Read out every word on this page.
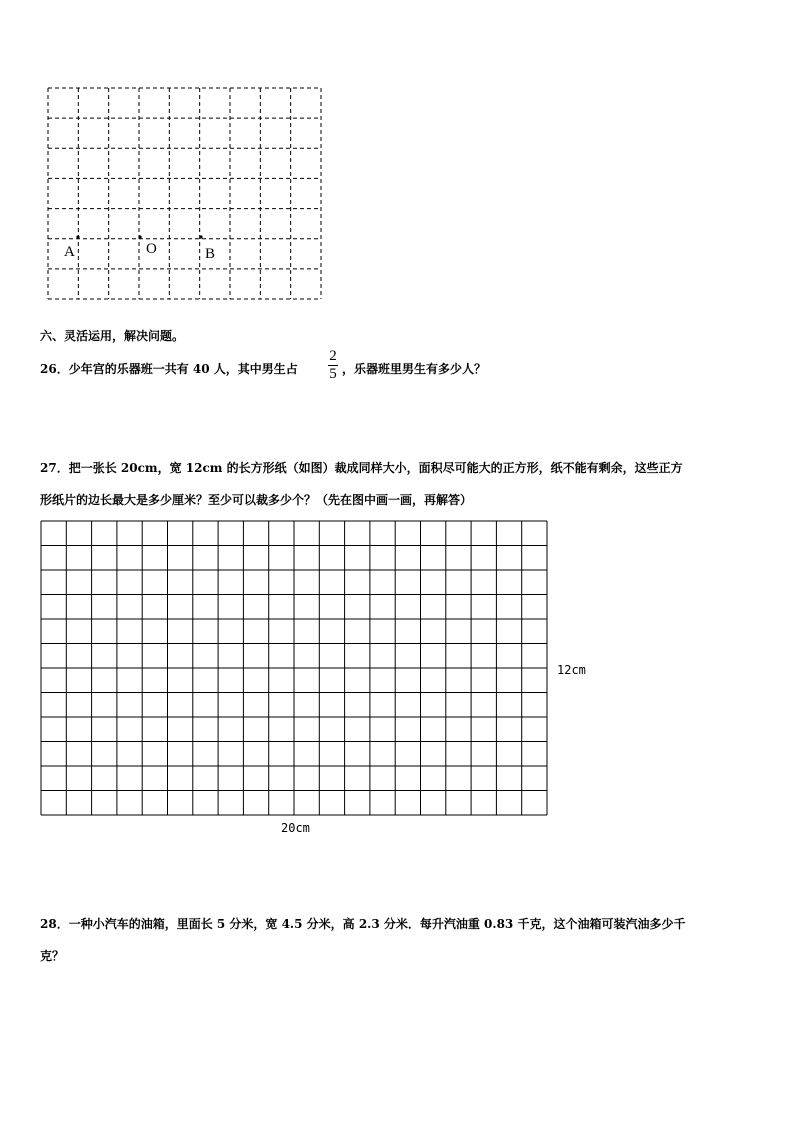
A	O	B
六、灵活运用，解决问题。
26．少年宫的乐器班一共有 40 人，其中男生占
2
5 ，乐器班里男生有多少人？
27．把一张长 20cm，宽 12cm 的长方形纸（如图）裁成同样大小，面积尽可能大的正方形，纸不能有剩余，这些正方
形纸片的边长最大是多少厘米？至少可以裁多少个？（先在图中画一画，再解答）
12cm
20cm
28．一种小汽车的油箱，里面长 5 分米，宽 4.5 分米，高 2.3 分米．每升汽油重 0.83 千克，这个油箱可装汽油多少千
克？
